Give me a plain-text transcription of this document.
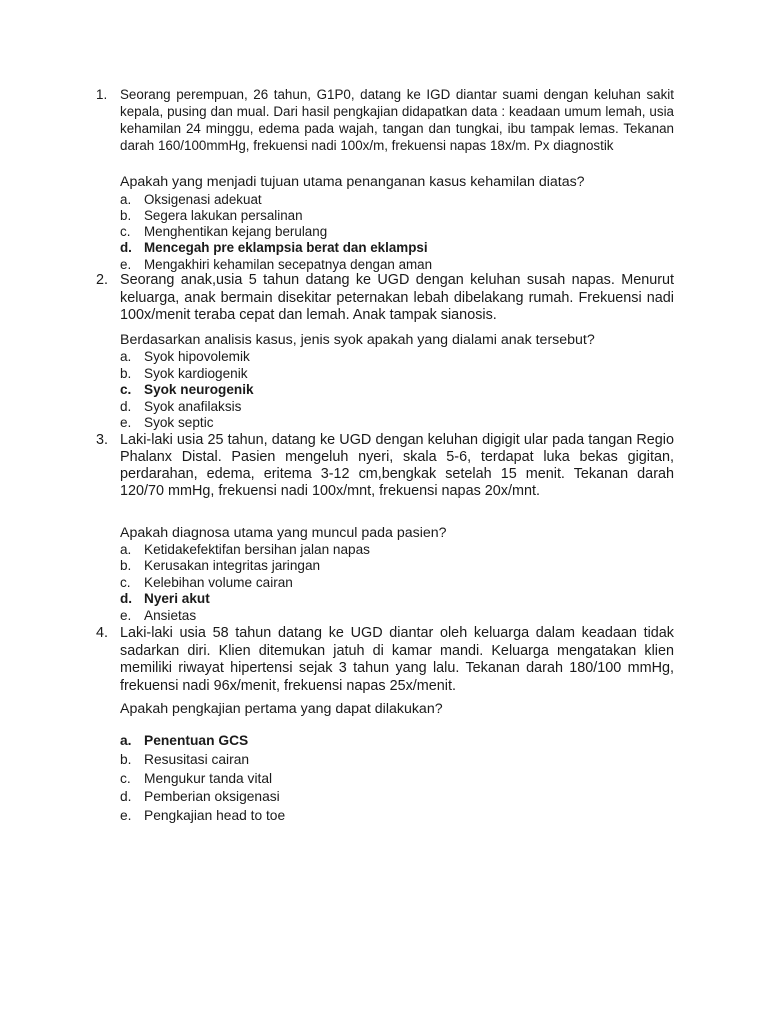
1. Seorang perempuan, 26 tahun, G1P0, datang ke IGD diantar suami dengan keluhan sakit kepala, pusing dan mual. Dari hasil pengkajian didapatkan data : keadaan umum lemah, usia kehamilan 24 minggu, edema pada wajah, tangan dan tungkai, ibu tampak lemas. Tekanan darah 160/100mmHg, frekuensi nadi 100x/m, frekuensi napas 18x/m. Px diagnostik

Apakah yang menjadi tujuan utama penanganan kasus kehamilan diatas?

a. Oksigenasi adekuat
b. Segera lakukan persalinan
c. Menghentikan kejang berulang
d. Mencegah pre eklampsia berat dan eklampsi
e. Mengakhiri kehamilan secepatnya dengan aman
2. Seorang anak,usia 5 tahun datang ke UGD dengan keluhan susah napas. Menurut keluarga, anak bermain disekitar peternakan lebah dibelakang rumah. Frekuensi nadi 100x/menit teraba cepat dan lemah. Anak tampak sianosis.

Berdasarkan analisis kasus, jenis syok apakah yang dialami anak tersebut?

a. Syok hipovolemik
b. Syok kardiogenik
c. Syok neurogenik
d. Syok anafilaksis
e. Syok septic
3. Laki-laki usia 25 tahun, datang ke UGD dengan keluhan digigit ular pada tangan Regio Phalanx Distal. Pasien mengeluh nyeri, skala 5-6, terdapat luka bekas gigitan, perdarahan, edema, eritema 3-12 cm,bengkak setelah 15 menit. Tekanan darah 120/70 mmHg, frekuensi nadi 100x/mnt, frekuensi napas 20x/mnt.

Apakah diagnosa utama yang muncul pada pasien?

a. Ketidakefektifan bersihan jalan napas
b. Kerusakan integritas jaringan
c. Kelebihan volume cairan
d. Nyeri akut
e. Ansietas
4. Laki-laki usia 58 tahun datang ke UGD diantar oleh keluarga dalam keadaan tidak sadarkan diri. Klien ditemukan jatuh di kamar mandi. Keluarga mengatakan klien memiliki riwayat hipertensi sejak 3 tahun yang lalu. Tekanan darah 180/100 mmHg, frekuensi nadi 96x/menit, frekuensi napas 25x/menit.

Apakah pengkajian pertama yang dapat dilakukan?

a. Penentuan GCS
b. Resusitasi cairan
c. Mengukur tanda vital
d. Pemberian oksigenasi
e. Pengkajian head to toe
